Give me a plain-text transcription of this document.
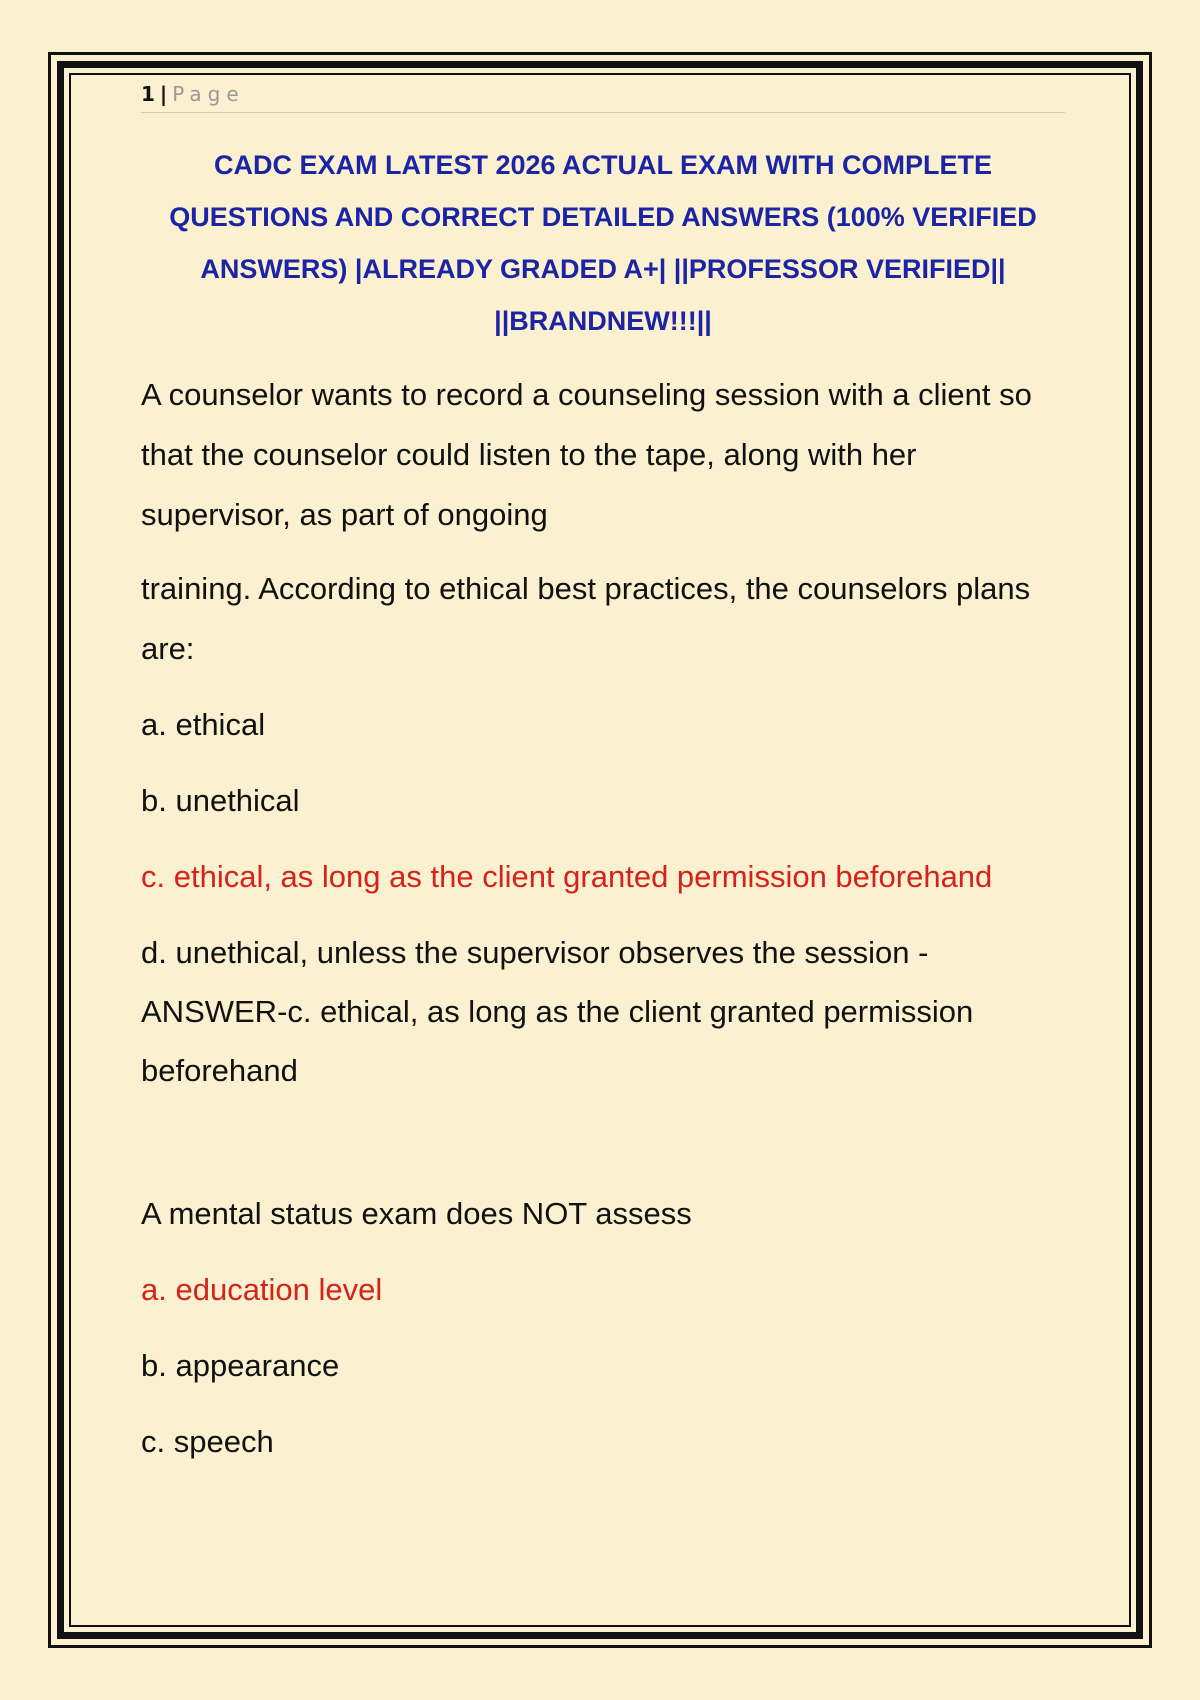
1 | Page
CADC EXAM LATEST 2026 ACTUAL EXAM WITH COMPLETE
QUESTIONS AND CORRECT DETAILED ANSWERS (100% VERIFIED
ANSWERS) |ALREADY GRADED A+| ||PROFESSOR VERIFIED||
||BRANDNEW!!!||

A counselor wants to record a counseling session with a client so

that the counselor could listen to the tape, along with her

supervisor, as part of ongoing

training. According to ethical best practices, the counselors plans

are:

a. ethical
b. unethical
c. ethical, as long as the client granted permission beforehand
d. unethical, unless the supervisor observes the session -
ANSWER-c. ethical, as long as the client granted permission
beforehand
A mental status exam does NOT assess
a. education level
b. appearance
c. speech
